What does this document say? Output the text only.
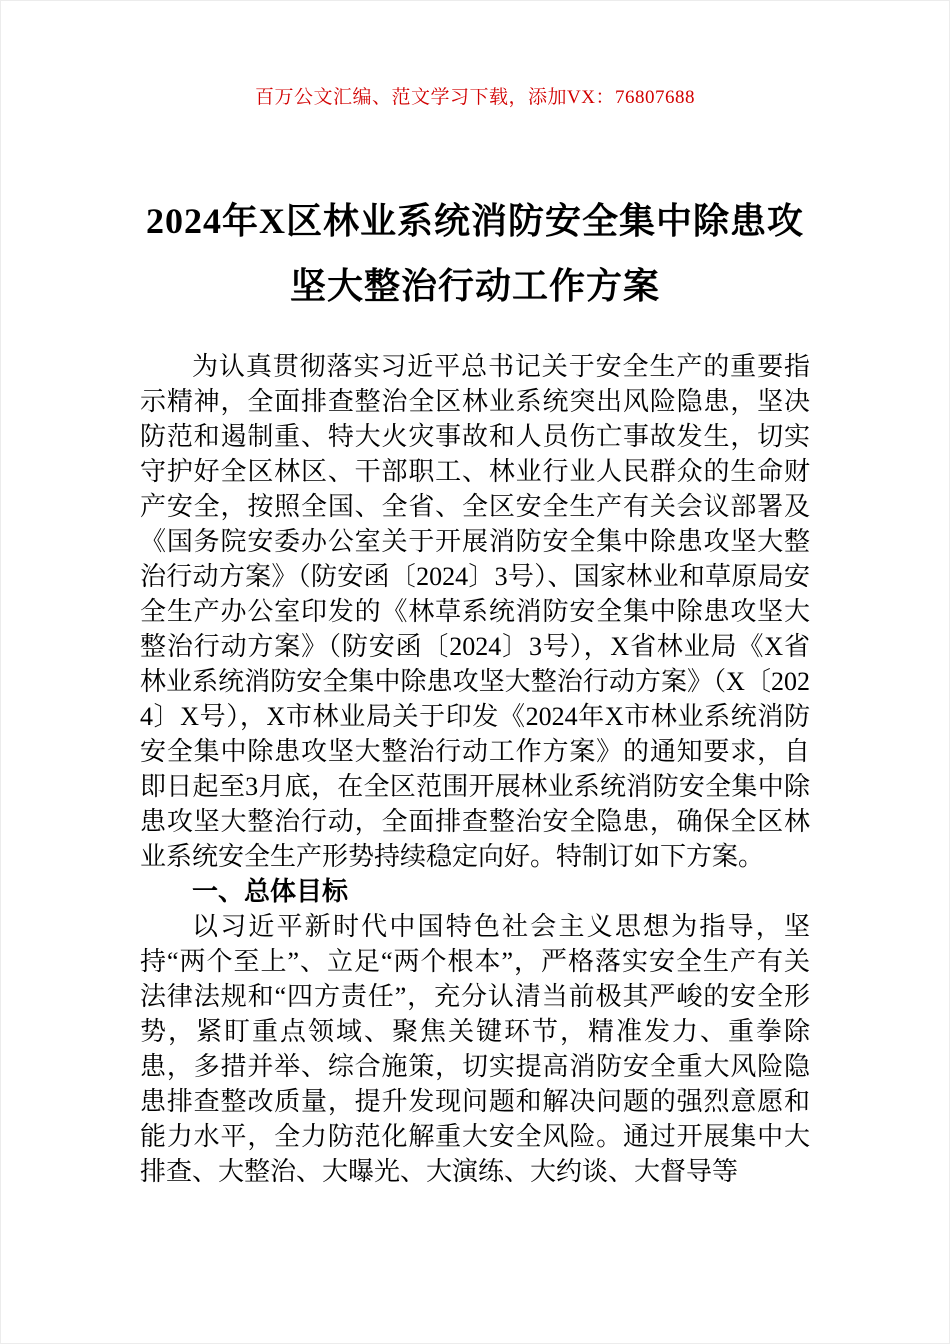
百万公文汇编、范文学习下载，添加VX：76807688
2024年X区林业系统消防安全集中除患攻坚大整治行动工作方案

为认真贯彻落实习近平总书记关于安全生产的重要指示精神，全面排查整治全区林业系统突出风险隐患，坚决防范和遏制重、特大火灾事故和人员伤亡事故发生，切实守护好全区林区、干部职工、林业行业人民群众的生命财产安全，按照全国、全省、全区安全生产有关会议部署及《国务院安委办公室关于开展消防安全集中除患攻坚大整治行动方案》（防安函〔2024〕3号）、国家林业和草原局安全生产办公室印发的《林草系统消防安全集中除患攻坚大整治行动方案》（防安函〔2024〕3号），X省林业局《X省林业系统消防安全集中除患攻坚大整治行动方案》（X〔2024〕X号），X市林业局关于印发《2024年X市林业系统消防安全集中除患攻坚大整治行动工作方案》的通知要求，自即日起至3月底，在全区范围开展林业系统消防安全集中除患攻坚大整治行动，全面排查整治安全隐患，确保全区林业系统安全生产形势持续稳定向好。特制订如下方案。

一、总体目标

以习近平新时代中国特色社会主义思想为指导，坚持“两个至上”、立足“两个根本”，严格落实安全生产有关法律法规和“四方责任”，充分认清当前极其严峻的安全形势，紧盯重点领域、聚焦关键环节，精准发力、重拳除患，多措并举、综合施策，切实提高消防安全重大风险隐患排查整改质量，提升发现问题和解决问题的强烈意愿和能力水平，全力防范化解重大安全风险。通过开展集中大排查、大整治、大曝光、大演练、大约谈、大督导等
